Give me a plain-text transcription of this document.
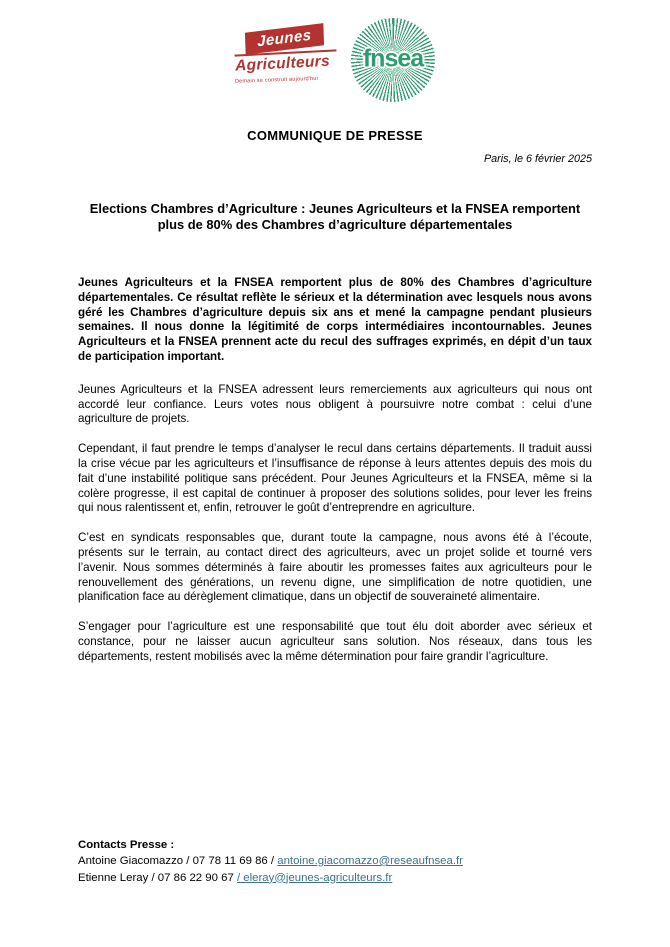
Jeunes
Agriculteurs
Demain se construit aujourd'hui
fnsea

COMMUNIQUE DE PRESSE

Paris, le 6 février 2025

Elections Chambres d’Agriculture : Jeunes Agriculteurs et la FNSEA remportent plus de 80% des Chambres d’agriculture départementales

Jeunes Agriculteurs et la FNSEA remportent plus de 80% des Chambres d’agriculture départementales. Ce résultat reflète le sérieux et la détermination avec lesquels nous avons géré les Chambres d’agriculture depuis six ans et mené la campagne pendant plusieurs semaines. Il nous donne la légitimité de corps intermédiaires incontournables. Jeunes Agriculteurs et la FNSEA prennent acte du recul des suffrages exprimés, en dépit d’un taux de participation important.

Jeunes Agriculteurs et la FNSEA adressent leurs remerciements aux agriculteurs qui nous ont accordé leur confiance. Leurs votes nous obligent à poursuivre notre combat : celui d’une agriculture de projets.

Cependant, il faut prendre le temps d’analyser le recul dans certains départements. Il traduit aussi la crise vécue par les agriculteurs et l’insuffisance de réponse à leurs attentes depuis des mois du fait d’une instabilité politique sans précédent. Pour Jeunes Agriculteurs et la FNSEA, même si la colère progresse, il est capital de continuer à proposer des solutions solides, pour lever les freins qui nous ralentissent et, enfin, retrouver le goût d’entreprendre en agriculture.

C’est en syndicats responsables que, durant toute la campagne, nous avons été à l’écoute, présents sur le terrain, au contact direct des agriculteurs, avec un projet solide et tourné vers l’avenir. Nous sommes déterminés à faire aboutir les promesses faites aux agriculteurs pour le renouvellement des générations, un revenu digne, une simplification de notre quotidien, une planification face au dérèglement climatique, dans un objectif de souveraineté alimentaire.

S’engager pour l’agriculture est une responsabilité que tout élu doit aborder avec sérieux et constance, pour ne laisser aucun agriculteur sans solution. Nos réseaux, dans tous les départements, restent mobilisés avec la même détermination pour faire grandir l’agriculture.

Contacts Presse :

Antoine Giacomazzo / 07 78 11 69 86 / antoine.giacomazzo@reseaufnsea.fr

Etienne Leray / 07 86 22 90 67 / eleray@jeunes-agriculteurs.fr
